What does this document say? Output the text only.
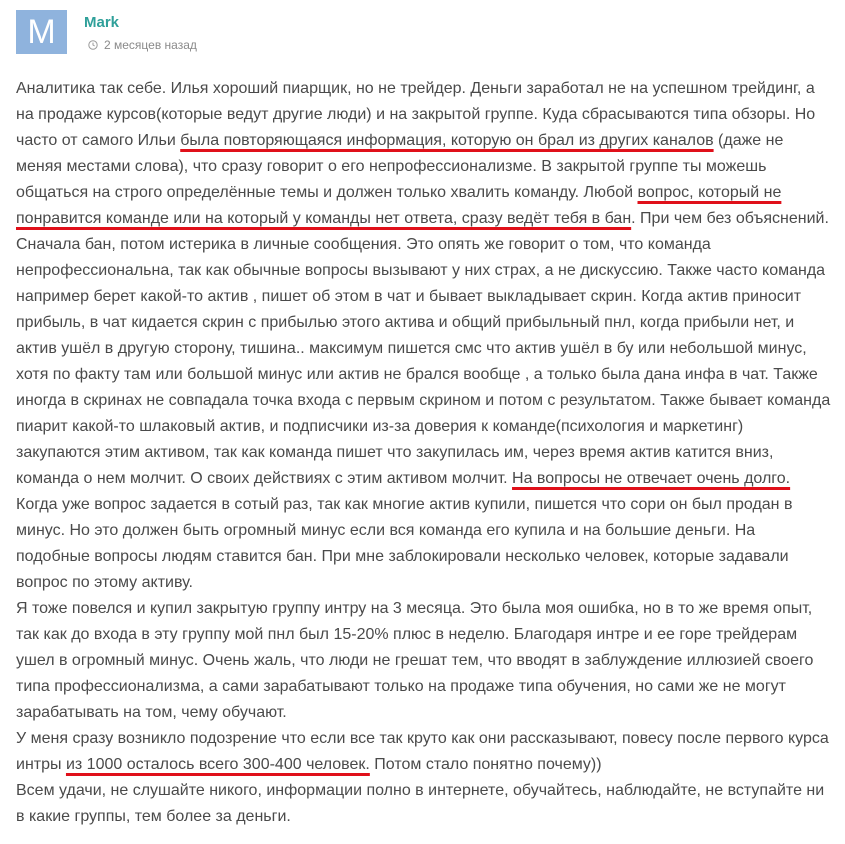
M	Mark
2 месяцев назад

Аналитика так себе. Илья хороший пиарщик, но не трейдер. Деньги заработал не на успешном трейдинг, а на продаже курсов(которые ведут другие люди) и на закрытой группе. Куда сбрасываются типа обзоры. Но часто от самого Ильи была повторяющаяся информация, которую он брал из других каналов (даже не меняя местами слова), что сразу говорит о его непрофессионализме. В закрытой группе ты можешь общаться на строго определённые темы и должен только хвалить команду. Любой вопрос, который не понравится команде или на который у команды нет ответа, сразу ведёт тебя в бан. При чем без объяснений. Сначала бан, потом истерика в личные сообщения. Это опять же говорит о том, что команда непрофессиональна, так как обычные вопросы вызывают у них страх, а не дискуссию. Также часто команда например берет какой-то актив , пишет об этом в чат и бывает выкладывает скрин. Когда актив приносит прибыль, в чат кидается скрин с прибылью этого актива и общий прибыльный пнл, когда прибыли нет, и актив ушёл в другую сторону, тишина.. максимум пишется смс что актив ушёл в бу или небольшой минус, хотя по факту там или большой минус или актив не брался вообще , а только была дана инфа в чат. Также иногда в скринах не совпадала точка входа с первым скрином и потом с результатом. Также бывает команда пиарит какой-то шлаковый актив, и подписчики из-за доверия к команде(психология и маркетинг) закупаются этим активом, так как команда пишет что закупилась им, через время актив катится вниз, команда о нем молчит. О своих действиях с этим активом молчит. На вопросы не отвечает очень долго. Когда уже вопрос задается в сотый раз, так как многие актив купили, пишется что сори он был продан в минус. Но это должен быть огромный минус если вся команда его купила и на большие деньги. На подобные вопросы людям ставится бан. При мне заблокировали несколько человек, которые задавали вопрос по этому активу.

Я тоже повелся и купил закрытую группу интру на 3 месяца. Это была моя ошибка, но в то же время опыт, так как до входа в эту группу мой пнл был 15-20% плюс в неделю. Благодаря интре и ее горе трейдерам ушел в огромный минус. Очень жаль, что люди не грешат тем, что вводят в заблуждение иллюзией своего типа профессионализма, а сами зарабатывают только на продаже типа обучения, но сами же не могут зарабатывать на том, чему обучают.

У меня сразу возникло подозрение что если все так круто как они рассказывают, повесу после первого курса интры из 1000 осталось всего 300-400 человек. Потом стало понятно почему))

Всем удачи, не слушайте никого, информации полно в интернете, обучайтесь, наблюдайте, не вступайте ни в какие группы, тем более за деньги.
